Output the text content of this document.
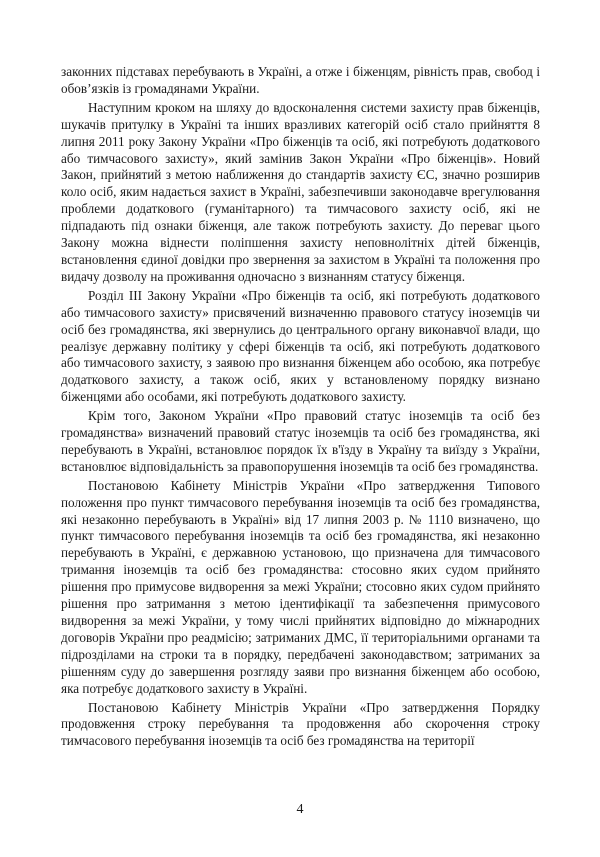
законних підставах перебувають в Україні, а отже і біженцям, рівність прав, свобод і обов’язків із громадянами України.

Наступним кроком на шляху до вдосконалення системи захисту прав біженців, шукачів притулку в Україні та інших вразливих категорій осіб стало прийняття 8 липня 2011 року Закону України «Про біженців та осіб, які потребують додаткового або тимчасового захисту», який замінив Закон України «Про біженців». Новий Закон, прийнятий з метою наближення до стандартів захисту ЄС, значно розширив коло осіб, яким надається захист в Україні, забезпечивши законодавче врегулювання проблеми додаткового (гуманітарного) та тимчасового захисту осіб, які не підпадають під ознаки біженця, але також потребують захисту. До переваг цього Закону можна віднести поліпшення захисту неповнолітніх дітей біженців, встановлення єдиної довідки про звернення за захистом в Україні та положення про видачу дозволу на проживання одночасно з визнанням статусу біженця.

Розділ ІІІ Закону України «Про біженців та осіб, які потребують додаткового або тимчасового захисту» присвячений визначенню правового статусу іноземців чи осіб без громадянства, які звернулись до центрального органу виконавчої влади, що реалізує державну політику у сфері біженців та осіб, які потребують додаткового або тимчасового захисту, з заявою про визнання біженцем або особою, яка потребує додаткового захисту, а також осіб, яких у встановленому порядку визнано біженцями або особами, які потребують додаткового захисту.

Крім того, Законом України «Про правовий статус іноземців та осіб без громадянства» визначений правовий статус іноземців та осіб без громадянства, які перебувають в Україні, встановлює порядок їх в'їзду в Україну та виїзду з України, встановлює відповідальність за правопорушення іноземців та осіб без громадянства.

Постановою Кабінету Міністрів України «Про затвердження Типового положення про пункт тимчасового перебування іноземців та осіб без громадянства, які незаконно перебувають в Україні» від 17 липня 2003 р. № 1110 визначено, що пункт тимчасового перебування іноземців та осіб без громадянства, які незаконно перебувають в Україні, є державною установою, що призначена для тимчасового тримання іноземців та осіб без громадянства: стосовно яких судом прийнято рішення про примусове видворення за межі України; стосовно яких судом прийнято рішення про затримання з метою ідентифікації та забезпечення примусового видворення за межі України, у тому числі прийнятих відповідно до міжнародних договорів України про реадмісію; затриманих ДМС, її територіальними органами та підрозділами на строки та в порядку, передбачені законодавством; затриманих за рішенням суду до завершення розгляду заяви про визнання біженцем або особою, яка потребує додаткового захисту в Україні.

Постановою Кабінету Міністрів України «Про затвердження Порядку продовження строку перебування та продовження або скорочення строку тимчасового перебування іноземців та осіб без громадянства на території

4
